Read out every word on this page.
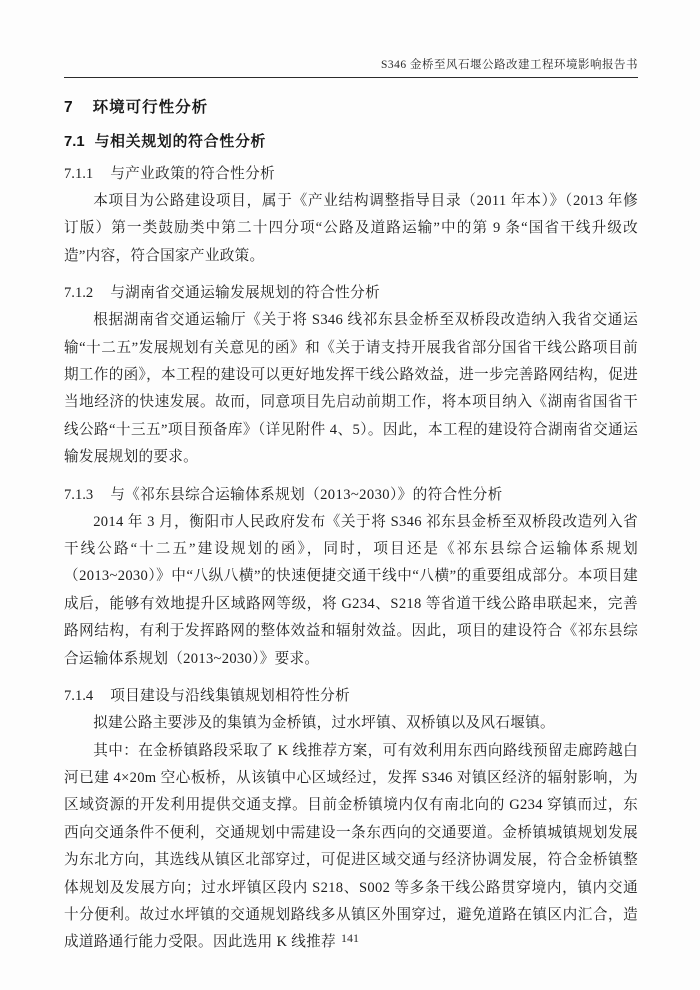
S346 金桥至风石堰公路改建工程环境影响报告书
7 环境可行性分析
7.1 与相关规划的符合性分析
7.1.1 与产业政策的符合性分析

本项目为公路建设项目，属于《产业结构调整指导目录（2011 年本）》（2013 年修订版）第一类鼓励类中第二十四分项“公路及道路运输”中的第 9 条“国省干线升级改造”内容，符合国家产业政策。

7.1.2 与湖南省交通运输发展规划的符合性分析

根据湖南省交通运输厅《关于将 S346 线祁东县金桥至双桥段改造纳入我省交通运输“十二五”发展规划有关意见的函》和《关于请支持开展我省部分国省干线公路项目前期工作的函》，本工程的建设可以更好地发挥干线公路效益，进一步完善路网结构，促进当地经济的快速发展。故而，同意项目先启动前期工作，将本项目纳入《湖南省国省干线公路“十三五”项目预备库》（详见附件 4、5）。因此，本工程的建设符合湖南省交通运输发展规划的要求。

7.1.3 与《祁东县综合运输体系规划（2013~2030）》的符合性分析

2014 年 3 月，衡阳市人民政府发布《关于将 S346 祁东县金桥至双桥段改造列入省干线公路“十二五”建设规划的函》，同时，项目还是《祁东县综合运输体系规划（2013~2030）》中“八纵八横”的快速便捷交通干线中“八横”的重要组成部分。本项目建成后，能够有效地提升区域路网等级，将 G234、S218 等省道干线公路串联起来，完善路网结构，有利于发挥路网的整体效益和辐射效益。因此，项目的建设符合《祁东县综合运输体系规划（2013~2030）》要求。

7.1.4 项目建设与沿线集镇规划相符性分析

拟建公路主要涉及的集镇为金桥镇，过水坪镇、双桥镇以及风石堰镇。

其中：在金桥镇路段采取了 K 线推荐方案，可有效利用东西向路线预留走廊跨越白河已建 4×20m 空心板桥，从该镇中心区域经过，发挥 S346 对镇区经济的辐射影响，为区域资源的开发利用提供交通支撑。目前金桥镇境内仅有南北向的 G234 穿镇而过，东西向交通条件不便利，交通规划中需建设一条东西向的交通要道。金桥镇城镇规划发展为东北方向，其选线从镇区北部穿过，可促进区域交通与经济协调发展，符合金桥镇整体规划及发展方向；过水坪镇区段内 S218、S002 等多条干线公路贯穿境内，镇内交通十分便利。故过水坪镇的交通规划路线多从镇区外围穿过，避免道路在镇区内汇合，造成道路通行能力受限。因此选用 K 线推荐 141
